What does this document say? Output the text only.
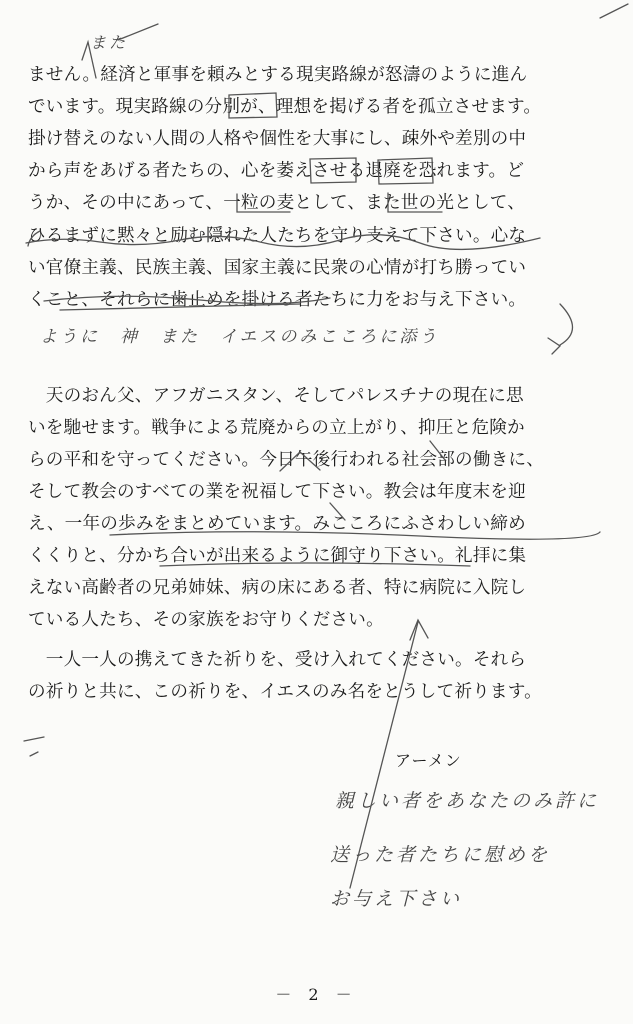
ません。経済と軍事を頼みとする現実路線が怒濤のように進ん
でいます。現実路線の分別が、理想を掲げる者を孤立させます。
掛け替えのない人間の人格や個性を大事にし、疎外や差別の中
から声をあげる者たちの、心を萎えさせる退廃を恐れます。ど
うか、その中にあって、一粒の麦として、また世の光として、
ひるまずに黙々と励む隠れた人たちを守り支えて下さい。心な
い官僚主義、民族主義、国家主義に民衆の心情が打ち勝ってい
くこと、それらに歯止めを掛ける者たちに力をお与え下さい。
ように　神　また　イエスのみこころに添う
　天のおん父、アフガニスタン、そしてパレスチナの現在に思
いを馳せます。戦争による荒廃からの立上がり、抑圧と危険か
らの平和を守ってください。今日午後行われる社会部の働きに、
そして教会のすべての業を祝福して下さい。教会は年度末を迎
え、一年の歩みをまとめています。みこころにふさわしい締め
くくりと、分かち合いが出来るように御守り下さい。礼拝に集
えない高齢者の兄弟姉妹、病の床にある者、特に病院に入院し
ている人たち、その家族をお守りください。
　一人一人の携えてきた祈りを、受け入れてください。それら
の祈りと共に、この祈りを、イエスのみ名をとうして祈ります。
アーメン
また
親しい者をあなたのみ許に
送った者たちに慰めを
お与え下さい
－ 2 －
